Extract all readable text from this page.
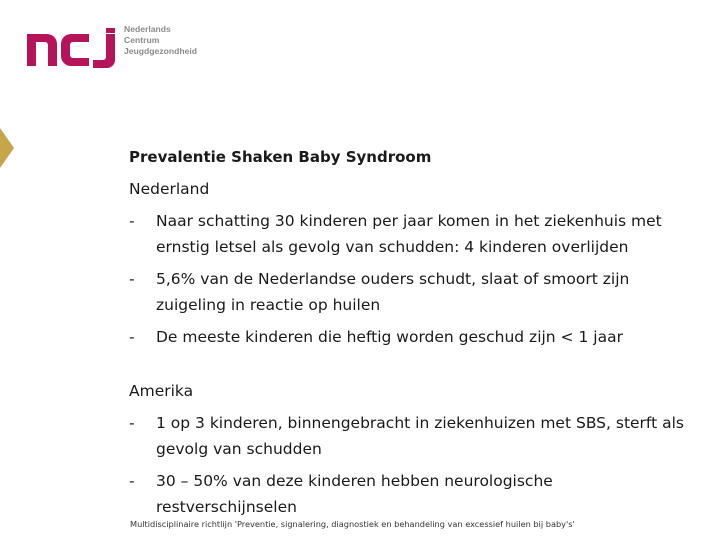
Nederlands
Centrum
Jeugdgezondheid
Prevalentie Shaken Baby Syndroom
Nederland
- Naar schatting 30 kinderen per jaar komen in het ziekenhuis met ernstig letsel als gevolg van schudden: 4 kinderen overlijden
- 5,6% van de Nederlandse ouders schudt, slaat of smoort zijn zuigeling in reactie op huilen
- De meeste kinderen die heftig worden geschud zijn < 1 jaar
Amerika
- 1 op 3 kinderen, binnengebracht in ziekenhuizen met SBS, sterft als gevolg van schudden
- 30 – 50% van deze kinderen hebben neurologische restverschijnselen
Multidisciplinaire richtlijn 'Preventie, signalering, diagnostiek en behandeling van excessief huilen bij baby's'
